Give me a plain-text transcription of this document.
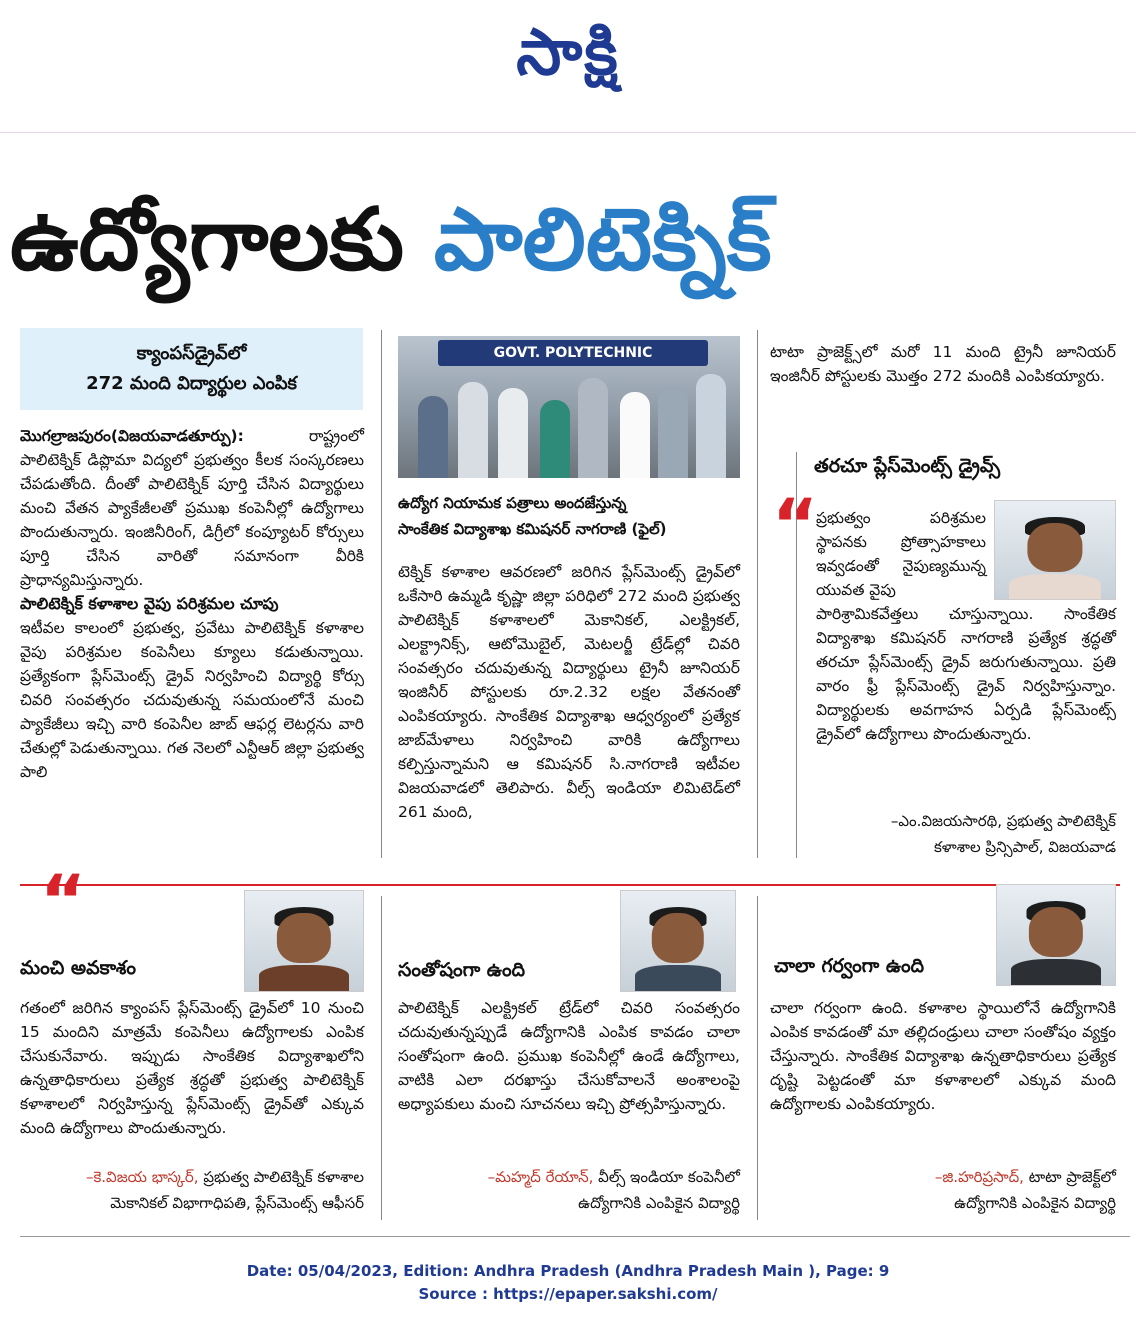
సాక్షి
ఉద్యోగాలకు పాలిటెక్నిక్
క్యాంపస్‌డ్రైవ్‌లో
272 మంది విద్యార్థుల ఎంపిక

మొగల్రాజపురం(విజయవాడతూర్పు):	రాష్ట్రంలో పాలిటెక్నిక్ డిప్లొమా విద్యలో ప్రభుత్వం కీలక సంస్కరణలు చేపడుతోంది. దీంతో పాలిటెక్నిక్ పూర్తి చేసిన విద్యార్థులు మంచి వేతన ప్యాకేజీలతో ప్రముఖ కంపెనీల్లో ఉద్యోగాలు పొందుతున్నారు. ఇంజినీరింగ్, డిగ్రీలో కంప్యూటర్ కోర్సులు పూర్తి చేసిన వారితో సమానంగా వీరికి ప్రాధాన్యమిస్తున్నారు.

పాలిటెక్నిక్ కళాశాల వైపు పరిశ్రమల చూపు

ఇటీవల కాలంలో ప్రభుత్వ, ప్రవేటు పాలిటెక్నిక్ కళాశాల వైపు పరిశ్రమల కంపెనీలు క్యూలు కడుతున్నాయి. ప్రత్యేకంగా ప్లేస్‌మెంట్స్ డ్రైవ్ నిర్వహించి విద్యార్థి కోర్సు చివరి సంవత్సరం చదువుతున్న సమయంలోనే మంచి ప్యాకేజీలు ఇచ్చి వారి కంపెనీల జాబ్ ఆఫర్ల లెటర్లను వారి చేతుల్లో పెడుతున్నాయి. గత నెలలో ఎన్టీఆర్ జిల్లా ప్రభుత్వ పాలి

GOVT. POLYTECHNIC
ఉద్యోగ నియామక పత్రాలు అందజేస్తున్న
సాంకేతిక విద్యాశాఖ కమిషనర్ నాగరాణి (ఫైల్)

టెక్నిక్ కళాశాల ఆవరణలో జరిగిన ప్లేస్‌మెంట్స్ డ్రైవ్‌లో ఒకేసారి ఉమ్మడి కృష్ణా జిల్లా పరిధిలో 272 మంది ప్రభుత్వ పాలిటెక్నిక్ కళాశాలలో మెకానికల్, ఎలక్ట్రికల్, ఎలక్ట్రానిక్స్, ఆటోమొబైల్, మెటలర్జీ ట్రేడ్‌ల్లో చివరి సంవత్సరం చదువుతున్న విద్యార్థులు ట్రైనీ జూనియర్ ఇంజినీర్ పోస్టులకు రూ.2.32 లక్షల వేతనంతో ఎంపికయ్యారు. సాంకేతిక విద్యాశాఖ ఆధ్వర్యంలో ప్రత్యేక జాబ్‌మేళాలు నిర్వహించి వారికి ఉద్యోగాలు కల్పిస్తున్నామని ఆ కమిషనర్ సి.నాగరాణి ఇటీవల విజయవాడలో తెలిపారు. వీల్స్ ఇండియా లిమిటెడ్‌లో 261 మంది,

టాటా ప్రాజెక్ట్స్‌లో మరో 11 మంది ట్రైనీ జూనియర్ ఇంజినీర్ పోస్టులకు మొత్తం 272 మందికి ఎంపికయ్యారు.

తరచూ ప్లేస్‌మెంట్స్ డ్రైవ్స్
“

ప్రభుత్వం పరిశ్రమల స్థాపనకు ప్రోత్సాహకాలు ఇవ్వడంతో నైపుణ్యమున్న యువత వైపు

పారిశ్రామికవేత్తలు చూస్తున్నాయి. సాంకేతిక విద్యాశాఖ కమిషనర్ నాగరాణి ప్రత్యేక శ్రద్ధతో తరచూ ప్లేస్‌మెంట్స్ డ్రైవ్ జరుగుతున్నాయి. ప్రతి వారం ఫ్రీ ప్లేస్‌మెంట్స్ డ్రైవ్ నిర్వహిస్తున్నాం. విద్యార్థులకు అవగాహన ఏర్పడి ప్లేస్‌మెంట్స్ డ్రైవ్‌లో ఉద్యోగాలు పొందుతున్నారు.

–ఎం.విజయసారథి, ప్రభుత్వ పాలిటెక్నిక్
కళాశాల ప్రిన్సిపాల్, విజయవాడ
“
మంచి అవకాశం

గతంలో జరిగిన క్యాంపస్ ప్లేస్‌మెంట్స్ డ్రైవ్‌లో 10 నుంచి 15 మందిని మాత్రమే కంపెనీలు ఉద్యోగాలకు ఎంపిక చేసుకునేవారు. ఇప్పుడు సాంకేతిక విద్యాశాఖలోని ఉన్నతాధికారులు ప్రత్యేక శ్రద్ధతో ప్రభుత్వ పాలిటెక్నిక్ కళాశాలలో నిర్వహిస్తున్న ప్లేస్‌మెంట్స్ డ్రైవ్‌తో ఎక్కువ మంది ఉద్యోగాలు పొందుతున్నారు.

–కె.విజయ భాస్కర్, ప్రభుత్వ పాలిటెక్నిక్ కళాశాల
మెకానికల్ విభాగాధిపతి, ప్లేస్‌మెంట్స్ ఆఫీసర్
సంతోషంగా ఉంది

పాలిటెక్నిక్ ఎలక్ట్రికల్ ట్రేడ్‌లో చివరి సంవత్సరం చదువుతున్నప్పుడే ఉద్యోగానికి ఎంపిక కావడం చాలా సంతోషంగా ఉంది. ప్రముఖ కంపెనీల్లో ఉండే ఉద్యోగాలు, వాటికి ఎలా దరఖాస్తు చేసుకోవాలనే అంశాలంపై అధ్యాపకులు మంచి సూచనలు ఇచ్చి ప్రోత్సహిస్తున్నారు.

–మహ్మద్ రేయాన్, వీల్స్ ఇండియా కంపెనీలో
ఉద్యోగానికి ఎంపికైన విద్యార్థి
చాలా గర్వంగా ఉంది

చాలా గర్వంగా ఉంది. కళాశాల స్థాయిలోనే ఉద్యోగానికి ఎంపిక కావడంతో మా తల్లిదండ్రులు చాలా సంతోషం వ్యక్తం చేస్తున్నారు. సాంకేతిక విద్యాశాఖ ఉన్నతాధికారులు ప్రత్యేక దృష్టి పెట్టడంతో మా కళాశాలలో ఎక్కువ మంది ఉద్యోగాలకు ఎంపికయ్యారు.

–జి.హరిప్రసాద్, టాటా ప్రాజెక్ట్‌లో
ఉద్యోగానికి ఎంపికైన విద్యార్థి
Date: 05/04/2023, Edition: Andhra Pradesh (Andhra Pradesh Main ), Page: 9
Source : https://epaper.sakshi.com/
